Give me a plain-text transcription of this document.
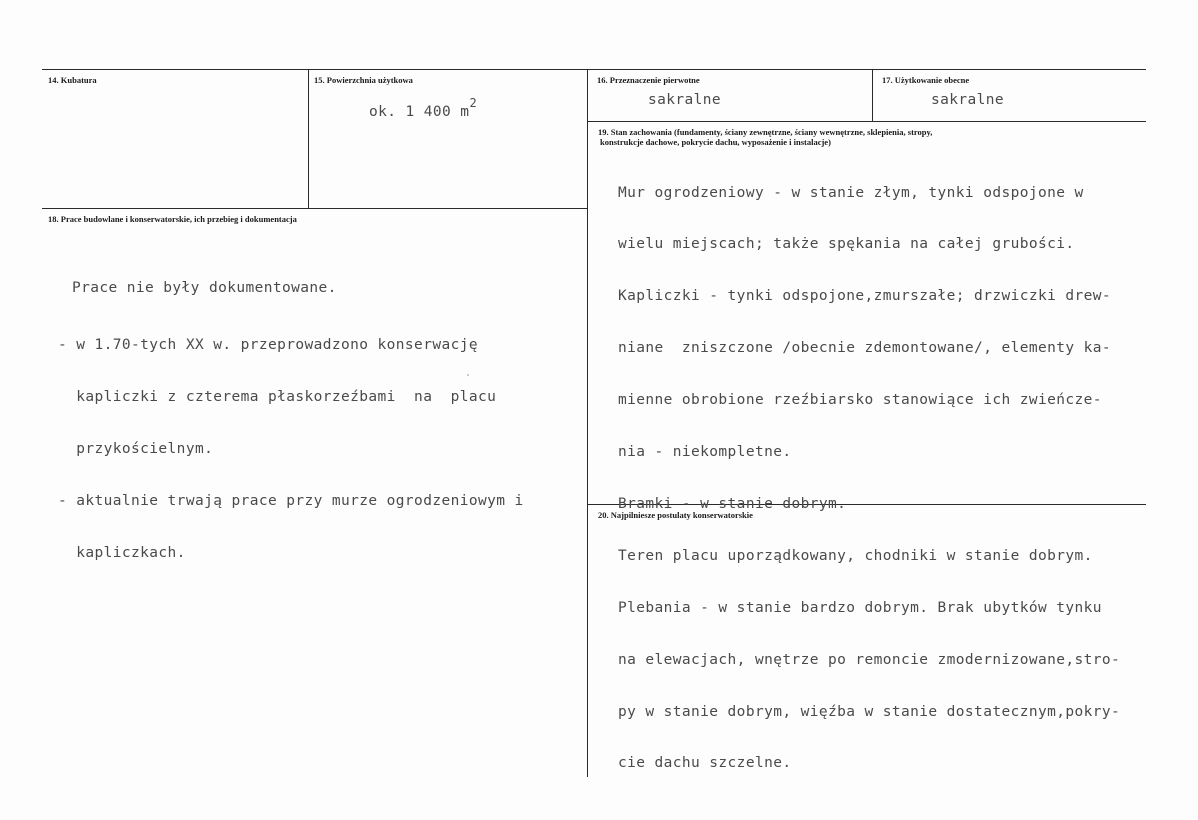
14. Kubatura	15. Powierzchnia użytkowa
ok. 1 400 $m^2$
16. Przeznaczenie pierwotne
sakralne
17. Użytkowanie obecne
sakralne
19. Stan zachowania (fundamenty, ściany zewnętrzne, ściany wewnętrzne, sklepienia, stropy,
konstrukcje dachowe, pokrycie dachu, wyposażenie i instalacje)

Mur ogrodzeniowy - w stanie złym, tynki odspojone w

wielu miejscach; także spękania na całej grubości.

Kapliczki - tynki odspojone,zmurszałe; drzwiczki drew-

niane  zniszczone /obecnie zdemontowane/, elementy ka-

mienne obrobione rzeźbiarsko stanowiące ich zwieńcze-

nia - niekompletne.

Bramki - w stanie dobrym.

Teren placu uporządkowany, chodniki w stanie dobrym.

Plebania - w stanie bardzo dobrym. Brak ubytków tynku

na elewacjach, wnętrze po remoncie zmodernizowane,stro-

py w stanie dobrym, więźba w stanie dostatecznym,pokry-

cie dachu szczelne.

18. Prace budowlane i konserwatorskie, ich przebieg i dokumentacja

Prace nie były dokumentowane.

- w 1.70-tych XX w. przeprowadzono konserwację

kapliczki z czterema płaskorzeźbami  na  placu

przykościelnym.

- aktualnie trwają prace przy murze ogrodzeniowym i

kapliczkach.

20. Najpilniesze postulaty konserwatorskie
